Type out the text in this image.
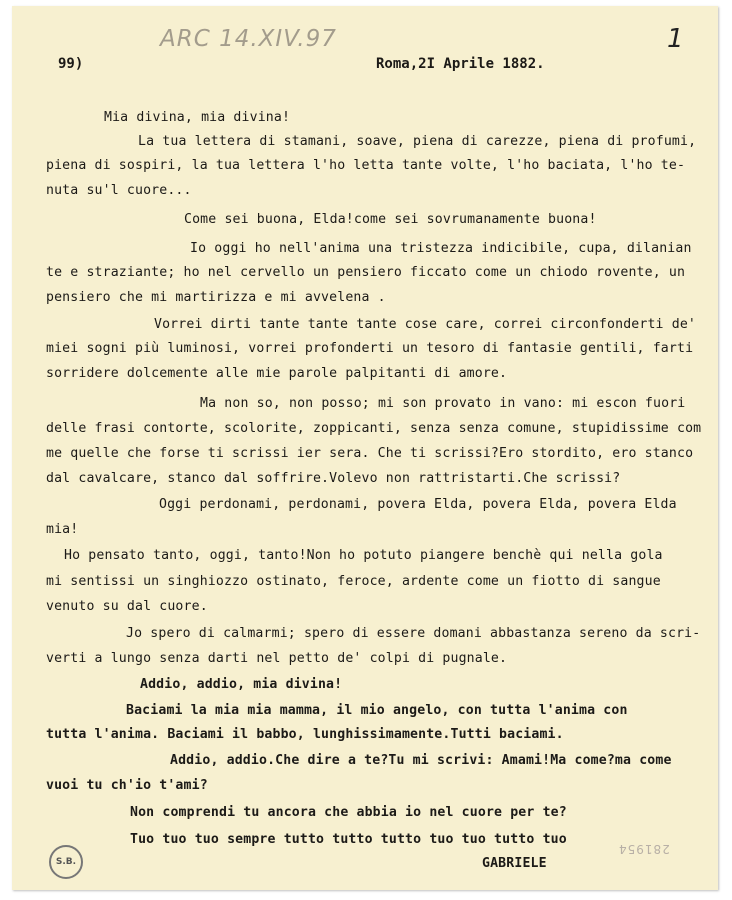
ARC 14.XIV.97	1
99)	Roma,2I Aprile 1882.
Mia divina, mia divina!
La tua lettera di stamani, soave, piena di carezze, piena di profumi,
piena di sospiri, la tua lettera l'ho letta tante volte, l'ho baciata, l'ho te-
nuta su'l cuore...
Come sei buona, Elda!come sei sovrumanamente buona!
Io oggi ho nell'anima una tristezza indicibile, cupa, dilanian
te e straziante; ho nel cervello un pensiero ficcato come un chiodo rovente, un
pensiero che mi martirizza e mi avvelena .
Vorrei dirti tante tante tante cose care, correi circonfonderti de'
miei sogni più luminosi, vorrei profonderti un tesoro di fantasie gentili, farti
sorridere dolcemente alle mie parole palpitanti di amore.
Ma non so, non posso; mi son provato in vano: mi escon fuori
delle frasi contorte, scolorite, zoppicanti, senza senza comune, stupidissime com
me quelle che forse ti scrissi ier sera. Che ti scrissi?Ero stordito, ero stanco
dal cavalcare, stanco dal soffrire.Volevo non rattristarti.Che scrissi?
Oggi perdonami, perdonami, povera Elda, povera Elda, povera Elda
mia!
Ho pensato tanto, oggi, tanto!Non ho potuto piangere benchè qui nella gola
mi sentissi un singhiozzo ostinato, feroce, ardente come un fiotto di sangue
venuto su dal cuore.
Jo spero di calmarmi; spero di essere domani abbastanza sereno da scri-
verti a lungo senza darti nel petto de' colpi di pugnale.
Addio, addio, mia divina!
Baciami la mia mia mamma, il mio angelo, con tutta l'anima con
tutta l'anima. Baciami il babbo, lunghissimamente.Tutti baciami.
Addio, addio.Che dire a te?Tu mi scrivi: Amami!Ma come?ma come
vuoi tu ch'io t'ami?
Non comprendi tu ancora che abbia io nel cuore per te?
Tuo tuo tuo sempre tutto tutto tutto tuo tuo tutto tuo
GABRIELE
S.B.
281954
